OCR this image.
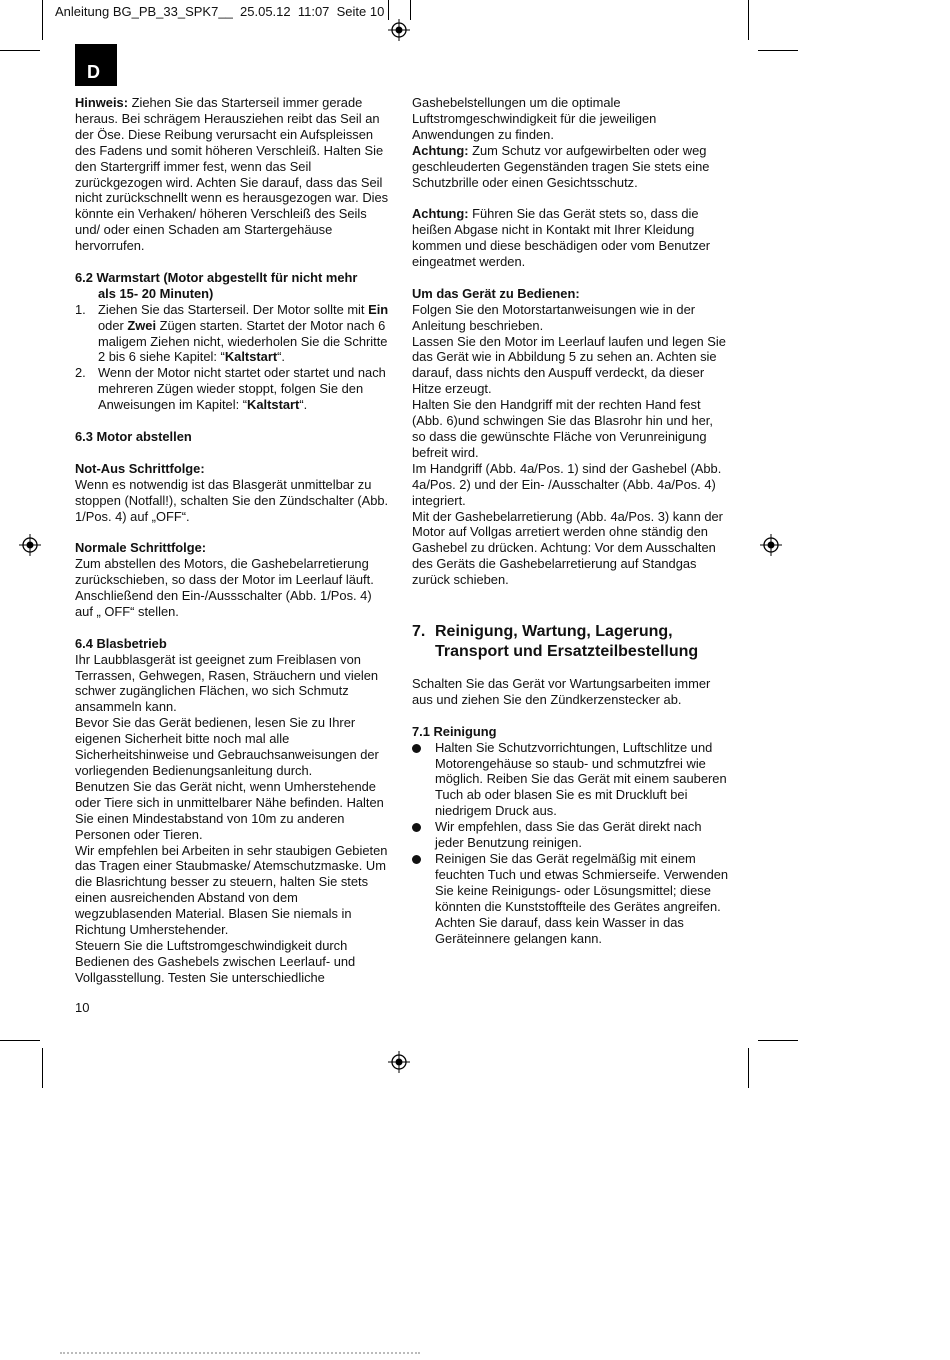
Anleitung BG_PB_33_SPK7__  25.05.12  11:07  Seite 10
D

Hinweis: Ziehen Sie das Starterseil immer gerade heraus. Bei schrägem Herausziehen reibt das Seil an der Öse. Diese Reibung verursacht ein Aufspleissen des Fadens und somit höheren Verschleiß. Halten Sie den Startergriff immer fest, wenn das Seil zurückgezogen wird. Achten Sie darauf, dass das Seil nicht zurückschnellt wenn es herausgezogen war. Dies könnte ein Verhaken/ höheren Verschleiß des Seils und/ oder einen Schaden am Startergehäuse hervorrufen.

6.2 Warmstart (Motor abgestellt für nicht mehr

als 15- 20 Minuten)

1. Ziehen Sie das Starterseil. Der Motor sollte mit Ein oder Zwei Zügen starten. Startet der Motor nach 6 maligem Ziehen nicht, wiederholen Sie die Schritte 2 bis 6 siehe Kapitel: “Kaltstart“.
2. Wenn der Motor nicht startet oder startet und nach mehreren Zügen wieder stoppt, folgen Sie den Anweisungen im Kapitel: “Kaltstart“.

6.3 Motor abstellen

Not-Aus Schrittfolge:

Wenn es notwendig ist das Blasgerät unmittelbar zu stoppen (Notfall!), schalten Sie den Zündschalter (Abb. 1/Pos. 4) auf „OFF“.

Normale Schrittfolge:

Zum abstellen des Motors, die Gashebelarretierung zurückschieben, so dass der Motor im Leerlauf läuft. Anschließend den Ein-/Aussschalter (Abb. 1/Pos. 4) auf „ OFF“ stellen.

6.4 Blasbetrieb

Ihr Laubblasgerät ist geeignet zum Freiblasen von Terrassen, Gehwegen, Rasen, Sträuchern und vielen schwer zugänglichen Flächen, wo sich Schmutz ansammeln kann.

Bevor Sie das Gerät bedienen, lesen Sie zu Ihrer eigenen Sicherheit bitte noch mal alle Sicherheitshinweise und Gebrauchsanweisungen der vorliegenden Bedienungsanleitung durch.

Benutzen Sie das Gerät nicht, wenn Umherstehende oder Tiere sich in unmittelbarer Nähe befinden. Halten Sie einen Mindestabstand von 10m zu anderen Personen oder Tieren.

Wir empfehlen bei Arbeiten in sehr staubigen Gebieten das Tragen einer Staubmaske/ Atemschutzmaske. Um die Blasrichtung besser zu steuern, halten Sie stets einen ausreichenden Abstand von dem wegzublasenden Material. Blasen Sie niemals in Richtung Umherstehender.

Steuern Sie die Luftstromgeschwindigkeit durch Bedienen des Gashebels zwischen Leerlauf- und Vollgasstellung. Testen Sie unterschiedliche

Gashebelstellungen um die optimale Luftstromgeschwindigkeit für die jeweiligen Anwendungen zu finden.

Achtung: Zum Schutz vor aufgewirbelten oder weg geschleuderten Gegenständen tragen Sie stets eine Schutzbrille oder einen Gesichtsschutz.

Achtung: Führen Sie das Gerät stets so, dass die heißen Abgase nicht in Kontakt mit Ihrer Kleidung kommen und diese beschädigen oder vom Benutzer eingeatmet werden.

Um das Gerät zu Bedienen:

Folgen Sie den Motorstartanweisungen wie in der Anleitung beschrieben.

Lassen Sie den Motor im Leerlauf laufen und legen Sie das Gerät wie in Abbildung 5 zu sehen an. Achten sie darauf, dass nichts den Auspuff verdeckt, da dieser Hitze erzeugt.

Halten Sie den Handgriff mit der rechten Hand fest (Abb. 6)und schwingen Sie das Blasrohr hin und her, so dass die gewünschte Fläche von Verunreinigung befreit wird.

Im Handgriff (Abb. 4a/Pos. 1) sind der Gashebel (Abb. 4a/Pos. 2) und der Ein- /Ausschalter (Abb. 4a/Pos. 4) integriert.

Mit der Gashebelarretierung (Abb. 4a/Pos. 3) kann der Motor auf Vollgas arretiert werden ohne ständig den Gashebel zu drücken. Achtung: Vor dem Ausschalten des Geräts die Gashebelarretierung auf Standgas zurück schieben.

7. Reinigung, Wartung, Lagerung, Transport und Ersatzteilbestellung

Schalten Sie das Gerät vor Wartungsarbeiten immer aus und ziehen Sie den Zündkerzenstecker ab.

7.1 Reinigung

Halten Sie Schutzvorrichtungen, Luftschlitze und Motorengehäuse so staub- und schmutzfrei wie möglich. Reiben Sie das Gerät mit einem sauberen Tuch ab oder blasen Sie es mit Druckluft bei niedrigem Druck aus.
Wir empfehlen, dass Sie das Gerät direkt nach jeder Benutzung reinigen.
Reinigen Sie das Gerät regelmäßig mit einem feuchten Tuch und etwas Schmierseife. Verwenden Sie keine Reinigungs- oder Lösungsmittel; diese könnten die Kunststoffteile des Gerätes angreifen. Achten Sie darauf, dass kein Wasser in das Geräteinnere gelangen kann.
10
